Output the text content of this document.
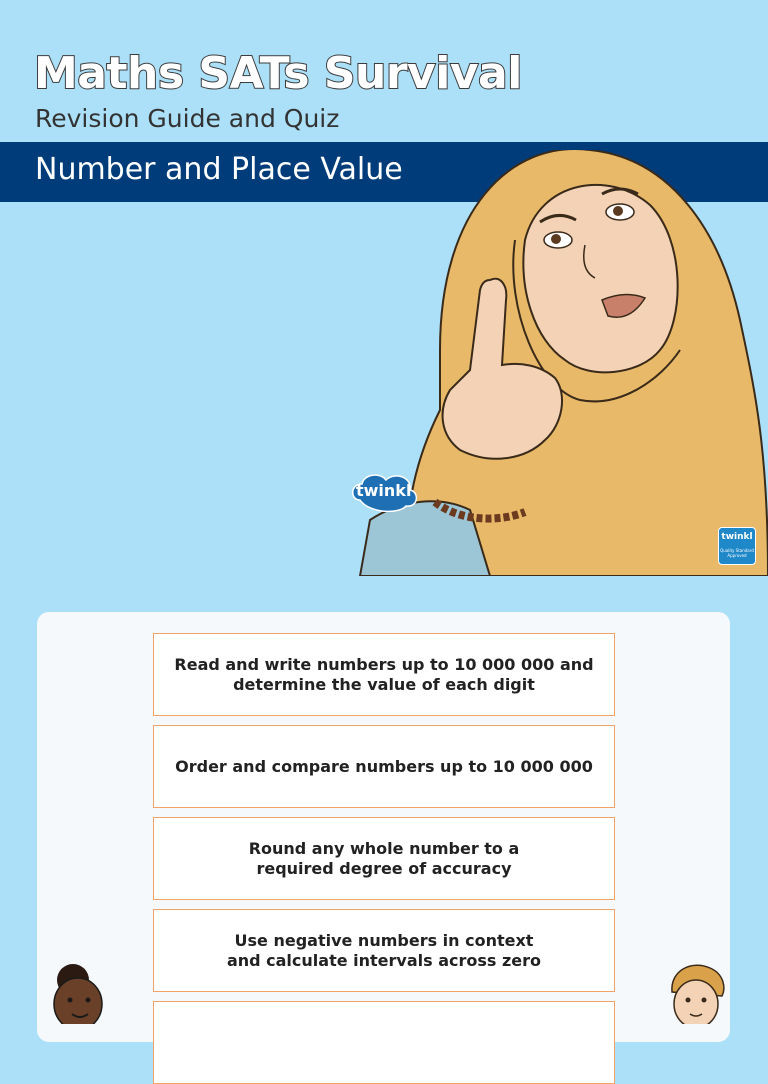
Maths SATs Survival
Revision Guide and Quiz
Number and Place Value
twinkl
twinkl
Quality Standard Approved
Read and write numbers up to 10 000 000 and
determine the value of each digit
Order and compare numbers up to 10 000 000
Round any whole number to a
required degree of accuracy
Use negative numbers in context
and calculate intervals across zero
